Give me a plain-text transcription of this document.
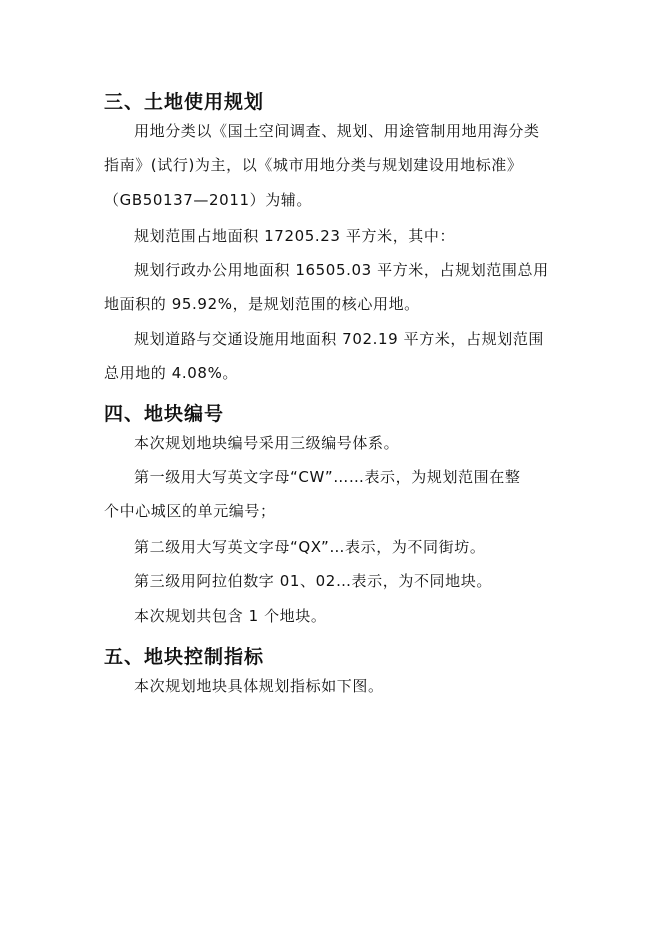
三、土地使用规划

用地分类以《国土空间调查、规划、用途管制用地用海分类

指南》(试行)为主，以《城市用地分类与规划建设用地标准》

（GB50137—2011）为辅。

规划范围占地面积 17205.23 平方米，其中：

规划行政办公用地面积 16505.03 平方米，占规划范围总用

地面积的 95.92%，是规划范围的核心用地。

规划道路与交通设施用地面积 702.19 平方米，占规划范围

总用地的 4.08%。

四、地块编号

本次规划地块编号采用三级编号体系。

第一级用大写英文字母“CW”……表示，为规划范围在整

个中心城区的单元编号；

第二级用大写英文字母“QX”…表示，为不同街坊。

第三级用阿拉伯数字 01、02…表示，为不同地块。

本次规划共包含 1 个地块。

五、地块控制指标

本次规划地块具体规划指标如下图。
